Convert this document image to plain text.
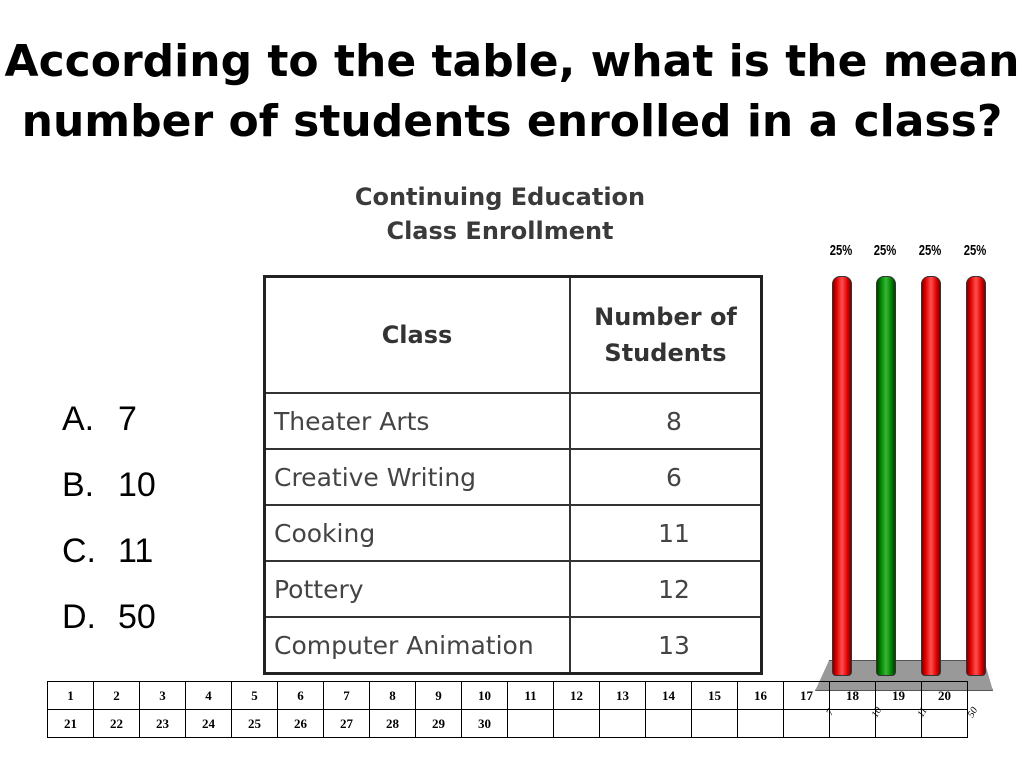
According to the table, what is the mean number of students enrolled in a class?
Continuing Education
Class Enrollment
Class	Number of
Students

Theater Arts	8
Creative Writing	6
Cooking	11
Pottery	12
Computer Animation	13
A. 7
B. 10
C. 11
D. 50
25% 25% 25% 25%
1	2	3	4	5	6	7	8	9	10	11	12	13	14	15	16	17	18	19	20
21	22	23	24	25	26	27	28	29	30										
7	10	11	50
